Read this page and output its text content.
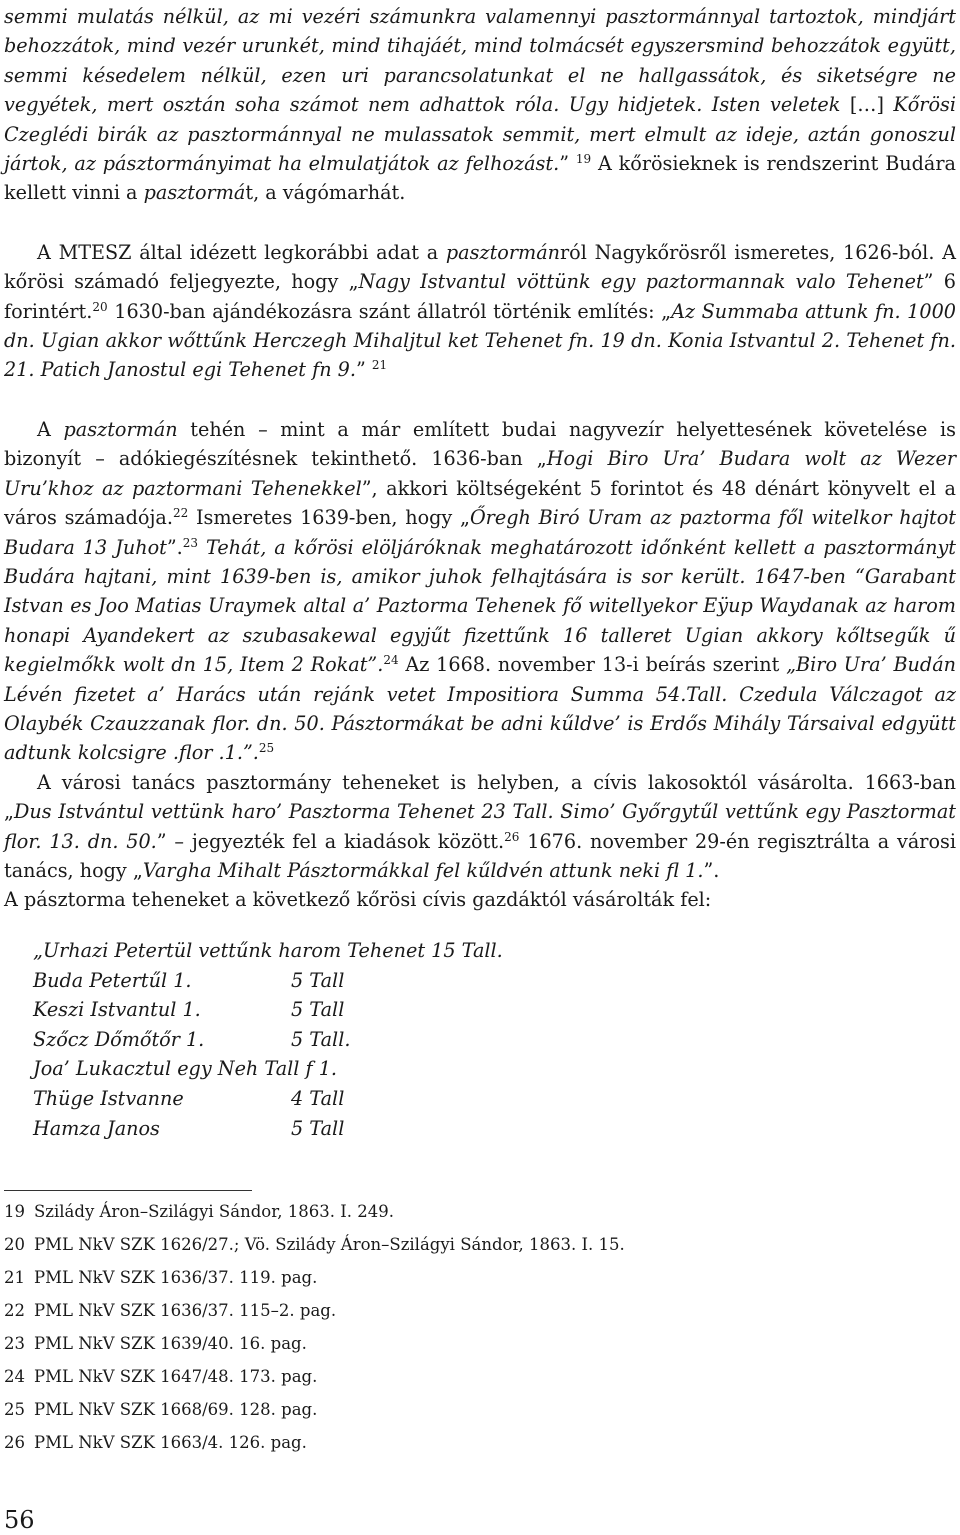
semmi mulatás nélkül, az mi vezéri számunkra valamennyi pasztormánnyal tartoztok, mindjárt behozzátok, mind vezér urunkét, mind tihajáét, mind tolmácsét egyszersmind behozzátok együtt, semmi késedelem nélkül, ezen uri parancsolatunkat el ne hallgassátok, és siketségre ne vegyétek, mert osztán soha számot nem adhattok róla. Ugy hidjetek. Isten veletek […] Kőrösi Czeglédi birák az pasztormánnyal ne mulassatok semmit, mert elmult az ideje, aztán gonoszul jártok, az pásztormányimat ha elmulatjátok az felhozást.” $^{19}$ A kőrösieknek is rendszerint Budára kellett vinni a pasztormát, a vágómarhát.

A MTESZ által idézett legkorábbi adat a pasztormánról Nagykőrösről ismeretes, 1626-ból. A kőrösi számadó feljegyezte, hogy „Nagy Istvantul vöttünk egy paztormannak valo Tehenet” 6 forintért.$^{20}$ 1630-ban ajándékozásra szánt állatról történik említés: „Az Summaba attunk fn. 1000 dn. Ugian akkor wőttűnk Herczegh Mihaljtul ket Tehenet fn. 19 dn. Konia Istvantul 2. Tehenet fn. 21. Patich Janostul egi Tehenet fn 9.” $^{21}$

A pasztormán tehén – mint a már említett budai nagyvezír helyettesének követelése is bizonyít – adókiegészítésnek tekinthető. 1636-ban „Hogi Biro Ura’ Budara wolt az Wezer Uru’khoz az paztormani Tehenekkel”, akkori költségeként 5 forintot és 48 dénárt könyvelt el a város számadója.$^{22}$ Ismeretes 1639-ben, hogy „Őregh Biró Uram az paztorma fől witelkor hajtot Budara 13 Juhot”.$^{23}$ Tehát, a kőrösi elöljáróknak meghatározott időnként kellett a pasztormányt Budára hajtani, mint 1639-ben is, amikor juhok felhajtására is sor került. 1647-ben “Garabant Istvan es Joo Matias Uraymek altal a’ Paztorma Tehenek fő witellyekor Eÿup Waydanak az harom honapi Ayandekert az szubasakewal egyjűt fizettűnk 16 talleret Ugian akkory kőltsegűk ű kegielmőkk wolt dn 15, Item 2 Rokat”.$^{24}$ Az 1668. november 13-i beírás szerint „Biro Ura’ Budán Lévén fizetet a’ Harács után rejánk vetet Impositiora Summa 54.Tall. Czedula Válczagot az Olaybék Czauzzanak flor. dn. 50. Pásztormákat be adni kűldve’ is Erdős Mihály Társaival edgyütt adtunk kolcsigre .flor .1.”.$^{25}$

A városi tanács pasztormány teheneket is helyben, a cívis lakosoktól vásárolta. 1663-ban „Dus Istvántul vettünk haro’ Pasztorma Tehenet 23 Tall. Simo’ Győrgytűl vettűnk egy Pasztormat flor. 13. dn. 50.” – jegyezték fel a kiadások között.$^{26}$ 1676. november 29-én regisztrálta a városi tanács, hogy „Vargha Mihalt Pásztormákkal fel kűldvén attunk neki fl 1.”.

A pásztorma teheneket a következő kőrösi cívis gazdáktól vásárolták fel:

„Urhazi Petertül vettűnk harom Tehenet 15 Tall.
Buda Petertűl 1.	5 Tall
Keszi Istvantul 1.	5 Tall
Szőcz Dőmőtőr 1.	5 Tall.
Joa’ Lukacztul egy Neh Tall f 1.
Thüge Istvanne	4 Tall
Hamza Janos	5 Tall
19 Szilády Áron–Szilágyi Sándor, 1863. I. 249.
20 PML NkV SZK 1626/27.; Vö. Szilády Áron–Szilágyi Sándor, 1863. I. 15.
21 PML NkV SZK 1636/37. 119. pag.
22 PML NkV SZK 1636/37. 115–2. pag.
23 PML NkV SZK 1639/40. 16. pag.
24 PML NkV SZK 1647/48. 173. pag.
25 PML NkV SZK 1668/69. 128. pag.
26 PML NkV SZK 1663/4. 126. pag.
56
